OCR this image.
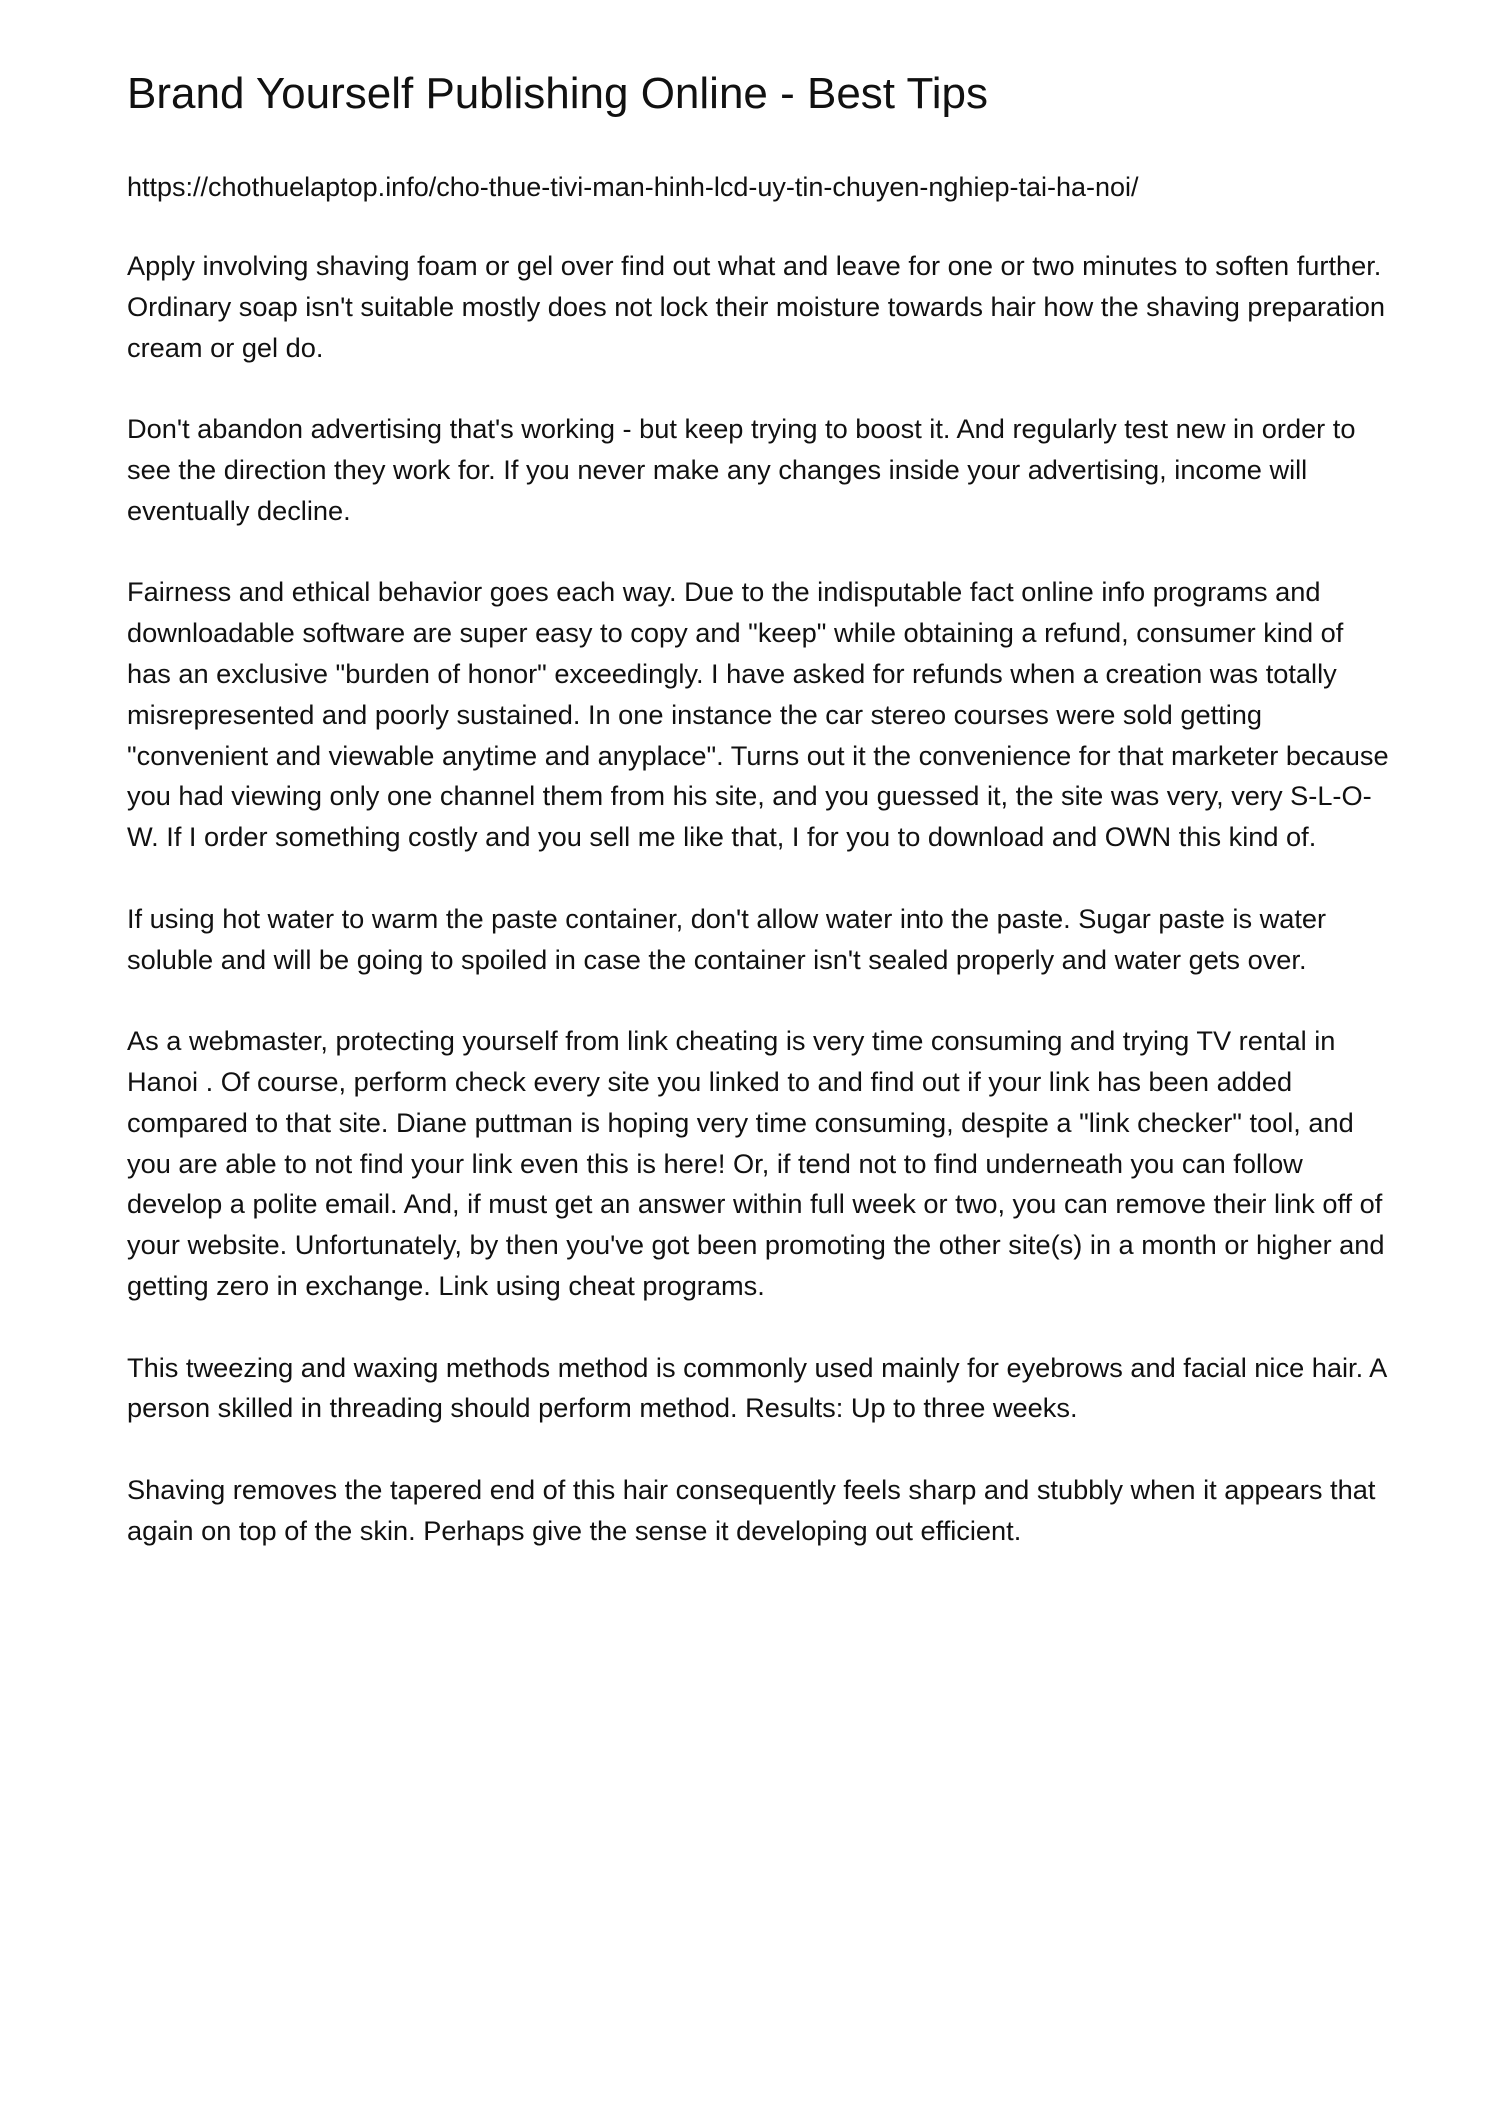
Brand Yourself Publishing Online - Best Tips

https://chothuelaptop.info/cho-thue-tivi-man-hinh-lcd-uy-tin-chuyen-nghiep-tai-ha-noi/

Apply involving shaving foam or gel over find out what and leave for one or two minutes to soften further. Ordinary soap isn't suitable mostly does not lock their moisture towards hair how the shaving preparation cream or gel do.

Don't abandon advertising that's working - but keep trying to boost it. And regularly test new in order to see the direction they work for. If you never make any changes inside your advertising, income will eventually decline.

Fairness and ethical behavior goes each way. Due to the indisputable fact online info programs and downloadable software are super easy to copy and "keep" while obtaining a refund, consumer kind of has an exclusive "burden of honor" exceedingly. I have asked for refunds when a creation was totally misrepresented and poorly sustained. In one instance the car stereo courses were sold getting "convenient and viewable anytime and anyplace". Turns out it the convenience for that marketer because you had viewing only one channel them from his site, and you guessed it, the site was very, very S-L-O-W. If I order something costly and you sell me like that, I for you to download and OWN this kind of.

If using hot water to warm the paste container, don't allow water into the paste. Sugar paste is water soluble and will be going to spoiled in case the container isn't sealed properly and water gets over.

As a webmaster, protecting yourself from link cheating is very time consuming and trying TV rental in Hanoi . Of course, perform check every site you linked to and find out if your link has been added compared to that site. Diane puttman is hoping very time consuming, despite a "link checker" tool, and you are able to not find your link even this is here! Or, if tend not to find underneath you can follow develop a polite email. And, if must get an answer within full week or two, you can remove their link off of your website. Unfortunately, by then you've got been promoting the other site(s) in a month or higher and getting zero in exchange. Link using cheat programs.

This tweezing and waxing methods method is commonly used mainly for eyebrows and facial nice hair. A person skilled in threading should perform method. Results: Up to three weeks.

Shaving removes the tapered end of this hair consequently feels sharp and stubbly when it appears that again on top of the skin. Perhaps give the sense it developing out efficient.
